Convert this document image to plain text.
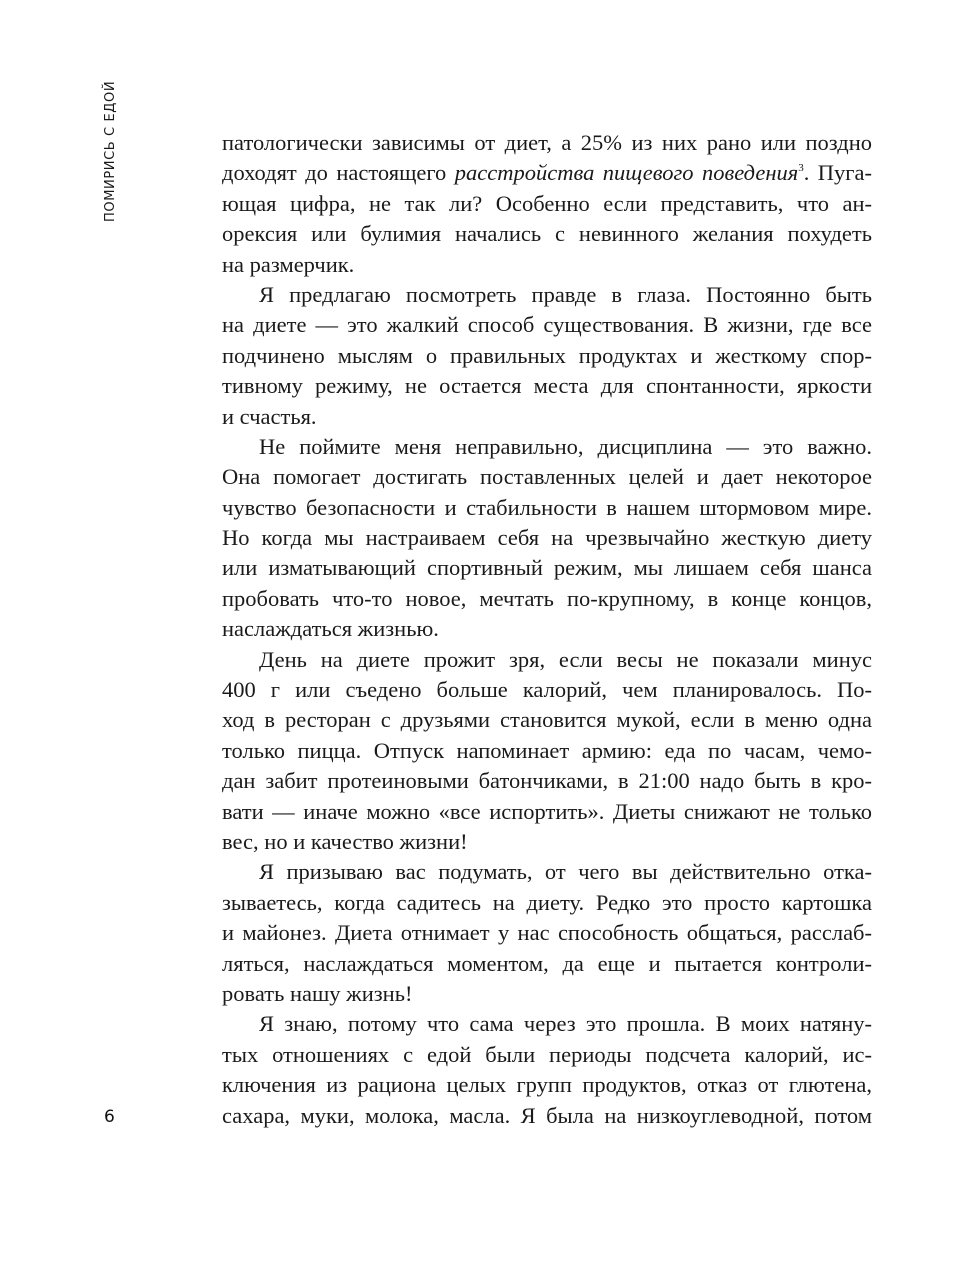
ПОМИРИСЬ С ЕДОЙ	патологически зависимы от диет, а 25% из них рано или поздно
доходят до настоящего расстройства пищевого поведения$^3$. Пуга-
ющая цифра, не так ли? Особенно если представить, что ан-
орексия или булимия начались с невинного желания похудеть
на размерчик.
Я предлагаю посмотреть правде в глаза. Постоянно быть
на диете — это жалкий способ существования. В жизни, где все
подчинено мыслям о правильных продуктах и жесткому спор-
тивному режиму, не остается места для спонтанности, яркости
и счастья.
Не поймите меня неправильно, дисциплина — это важно.
Она помогает достигать поставленных целей и дает некоторое
чувство безопасности и стабильности в нашем штормовом мире.
Но когда мы настраиваем себя на чрезвычайно жесткую диету
или изматывающий спортивный режим, мы лишаем себя шанса
пробовать что-то новое, мечтать по-крупному, в конце концов,
наслаждаться жизнью.
День на диете прожит зря, если весы не показали минус
400 г или съедено больше калорий, чем планировалось. По-
ход в ресторан с друзьями становится мукой, если в меню одна
только пицца. Отпуск напоминает армию: еда по часам, чемо-
дан забит протеиновыми батончиками, в 21:00 надо быть в кро-
вати — иначе можно «все испортить». Диеты снижают не только
вес, но и качество жизни!
Я призываю вас подумать, от чего вы действительно отка-
зываетесь, когда садитесь на диету. Редко это просто картошка
и майонез. Диета отнимает у нас способность общаться, расслаб-
ляться, наслаждаться моментом, да еще и пытается контроли-
ровать нашу жизнь!
Я знаю, потому что сама через это прошла. В моих натяну-
тых отношениях с едой были периоды подсчета калорий, ис-
ключения из рациона целых групп продуктов, отказ от глютена,
сахара, муки, молока, масла. Я была на низкоуглеводной, потом
6
